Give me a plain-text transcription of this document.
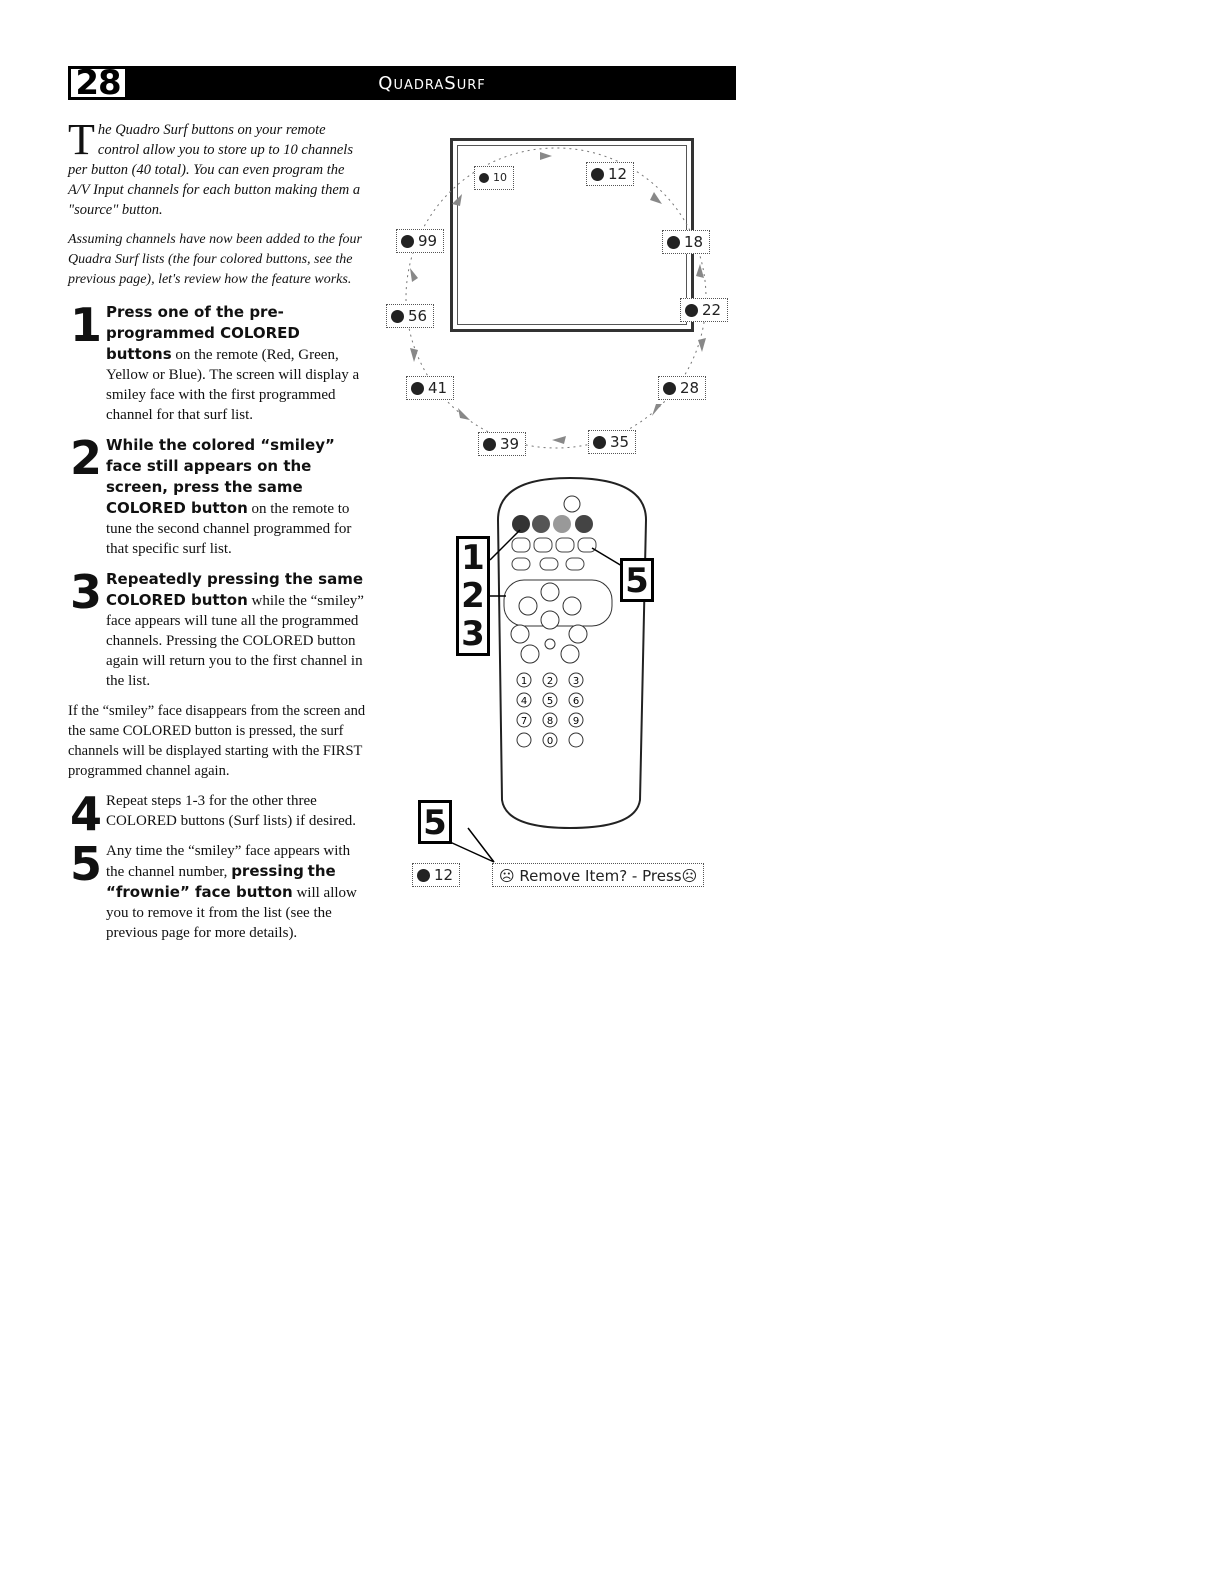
28	QuadraSurf

The Quadro Surf buttons on your remote control allow you to store up to 10 channels per button (40 total). You can even program the A/V Input channels for each button making them a "source" button.

Assuming channels have now been added to the four Quadra Surf lists (the four colored buttons, see the previous page), let's review how the feature works.

1 Press one of the pre-programmed COLORED buttons on the remote (Red, Green, Yellow or Blue). The screen will display a smiley face with the first programmed channel for that surf list.
2 While the colored “smiley” face still appears on the screen, press the same COLORED button on the remote to tune the second channel programmed for that specific surf list.
3 Repeatedly pressing the same COLORED button while the “smiley” face appears will tune all the programmed channels. Pressing the COLORED button again will return you to the first channel in the list.

If the “smiley” face disappears from the screen and the same COLORED button is pressed, the surf channels will be displayed starting with the FIRST programmed channel again.

4 Repeat steps 1-3 for the other three COLORED buttons (Surf lists) if desired.
5 Any time the “smiley” face appears with the channel number, pressing the “frownie” face button will allow you to remove it from the list (see the previous page for more details).
1 2 3
4 5 6
7 8 9
0
10	12
18
22
28
35
39
41
56
99
1
2
3
5
5
12	☹ Remove Item? - Press☹
